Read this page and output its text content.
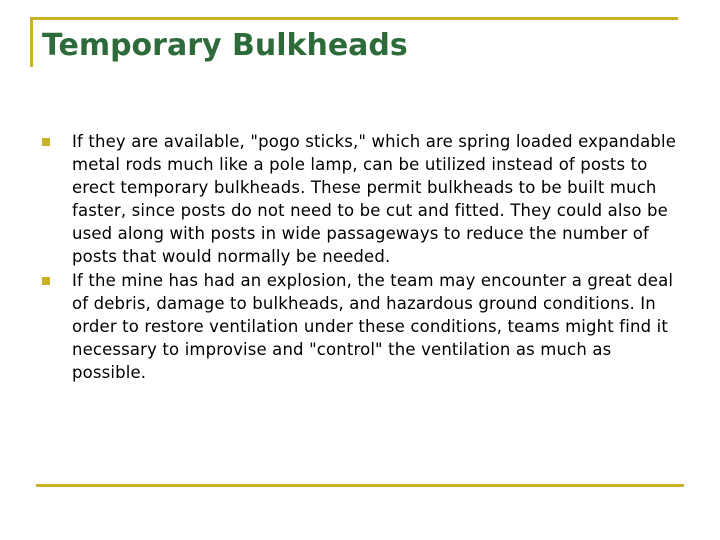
Temporary Bulkheads
If they are available, "pogo sticks," which are spring loaded expandable metal rods much like a pole lamp, can be utilized instead of posts to erect temporary bulkheads. These permit bulkheads to be built much faster, since posts do not need to be cut and fitted. They could also be used along with posts in wide passageways to reduce the number of posts that would normally be needed.
If the mine has had an explosion, the team may encounter a great deal of debris, damage to bulkheads, and hazardous ground conditions. In order to restore ventilation under these conditions, teams might find it necessary to improvise and "control" the ventilation as much as possible.
